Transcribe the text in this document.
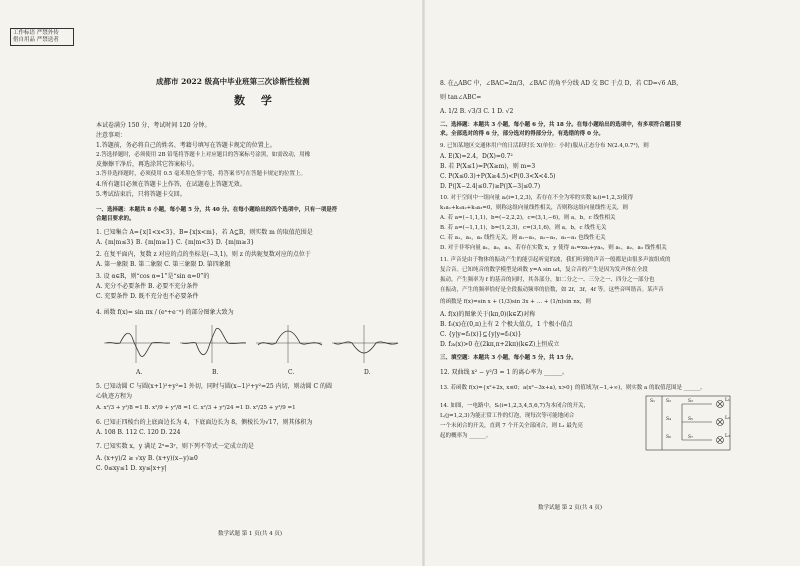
工作标语 严禁外传
借自用品 严禁送者
成都市 2022 级高中毕业班第三次诊断性检测
数 学
本试卷满分 150 分，考试时间 120 分钟。
注意事项：
1.答题前，务必将自己的姓名、考籍号填写在答题卡规定的位置上。
2.答选择题时，必须使用 2B 铅笔将答题卡上对应题目的答案标号涂黑，如需改动，用橡
皮擦擦干净后，再选涂其它答案标号。
3.答非选择题时，必须使用 0.5 毫米黑色签字笔，将答案书写在答题卡规定的位置上。
4.所有题目必须在答题卡上作答，在试题卷上答题无效。
5.考试结束后，只将答题卡交回。
一、选择题：本题共 8 小题，每小题 5 分，共 40 分。在每小题给出的四个选项中，只有一项是符
合题目要求的。
1. 已知集合 A={x|1<x<3}，B={x|x<m}，若 A⊆B，则实数 m 的取值范围是
A. {m|m≤3} B. {m|m≥1} C. {m|m<3} D. {m|m≥3}
2. 在复平面内，复数 z 对应的点的坐标是(−3,1)，则 z 的共轭复数对应的点位于
A. 第一象限 B. 第二象限 C. 第三象限 D. 第四象限
3. 设 α∈R，则“cos α=1”是“sin α=0”的
A. 充分不必要条件 B. 必要不充分条件
C. 充要条件 D. 既不充分也不必要条件
4. 函数 f(x)= sin πx / (eˣ+e⁻ˣ) 的部分图象大致为
A.	B.	C.	D.
5. 已知动圆 C 与圆(x+1)²+y²=1 外切，同时与圆(x−1)²+y²=25 内切，则动圆 C 的圆
心轨迹方程为
A. x²/3 + y²/8 =1 B. x²/9 + y²/8 =1 C. x²/3 + y²/24 =1 D. x²/25 + y²/9 =1
6. 已知正四棱台的上底面边长为 4，下底面边长为 8，侧棱长为√17，则其体积为
A. 108 B. 112 C. 120 D. 224
7. 已知实数 x，y 满足 2ˣ=3ʸ，则下列不等式一定成立的是
A. (x+y)/2 ≥ √xy B. (x+y)(x−y)≥0
C. 0≤xy≤1 D. xy≤|x+y|
数学试题 第 1 页(共 4 页)
8. 在△ABC 中，∠BAC=2π/3，∠BAC 的角平分线 AD 交 BC 于点 D，若 CD=√6 AB，
则 tan∠ABC=
A. 1/2 B. √3/3 C. 1 D. √2
二、选择题：本题共 3 小题，每小题 6 分，共 18 分。在每小题给出的选项中，有多项符合题目要
求。全部选对的得 6 分，部分选对的得部分分，有选错的得 0 分。
9. 已知某地区交通体用户的日活跃时长 X(单位：小时)服从正态分布 N(2.4,0.7²)，则
A. E(X)=2.4，D(X)=0.7²
B. 若 P(X≤1)=P(X≥m)，则 m=3
C. P(X≤0.3)+P(X≥4.5)<P(0.3<X<4.5)
D. P(|X−2.4|≤0.7)≥P(|X−3|≤0.7)
10. 对于空间中一组向量 aᵢ(i=1,2,3)，若存在不全为零的实数 kᵢ(i=1,2,3)使得
k₁a₁+k₂a₂+k₃a₃=0，则称这组向量线性相关，否则称这组向量线性无关，则
A. 若 a=(−1,1,1)，b=(−2,2,2)，c=(3,1,−6)，则 a，b，c 线性相关
B. 若 a=(−1,1,1)，b=(1,2,3)，c=(3,1,6)，则 a，b，c 线性无关
C. 若 a₁，a₂，a₃ 线性无关，则 a₁−a₂，a₂−a₃，a₃−a₁ 也线性无关
D. 对于非零向量 a₁，a₂，a₃，若存在实数 x，y 使得 a₁=xa₂+ya₃，则 a₁，a₂，a₃ 线性相关
11. 声音是由于物体的振动产生的能引起听觉的波，我们听到的声音一般都是由很多声波组成的
复合音。已知纯音的数学模型是函数 y=A sin ωt，复合音的产生是因为发声体在全段
振动，产生频率为 f 的基音的同时，其各部分，如二分之一、三分之一、四分之一部分也
在振动，产生的频率恰好是全段振动频率的倍数，如 2f，3f，4f 等。这些音叫谐音。某声音
的函数是 f(x)=sin x + (1/3)sin 3x + … + (1/n)sin nx，则
A. f(x)的图象关于(kπ,0)(k∈Z)对称
B. f₅(x)在(0,π)上有 2 个极大值点，1 个极小值点
C. {y|y=f₃(x)}⊆{y|y=f₅(x)}
D. f₂ₖ(x)>0 在(2kπ,π+2kπ)(k∈Z)上恒成立
三、填空题：本题共 3 小题，每小题 5 分，共 15 分。
12. 双曲线 x² − y²/3 = 1 的离心率为 ______。
13. 若函数 f(x)={x²+2x, x≤0；a(x²−3x+a), x>0} 的值域为(−1,+∞)，则实数 a 的取值范围是 ______。
14. 如图，一电路中，Sᵢ(i=1,2,3,4,5,6,7)为本闭合的开关，
Lⱼ(j=1,2,3)为能正常工作的灯泡，现每次等可能地闭合
一个未闭合的开关，直到 7 个开关全部闭合，则 L₁ 最先亮
起的概率为 ______。
S₁ S₂	S₃
S₄	S₅
S₆	S₇
L₁
L₂
L₃
数学试题 第 2 页(共 4 页)
